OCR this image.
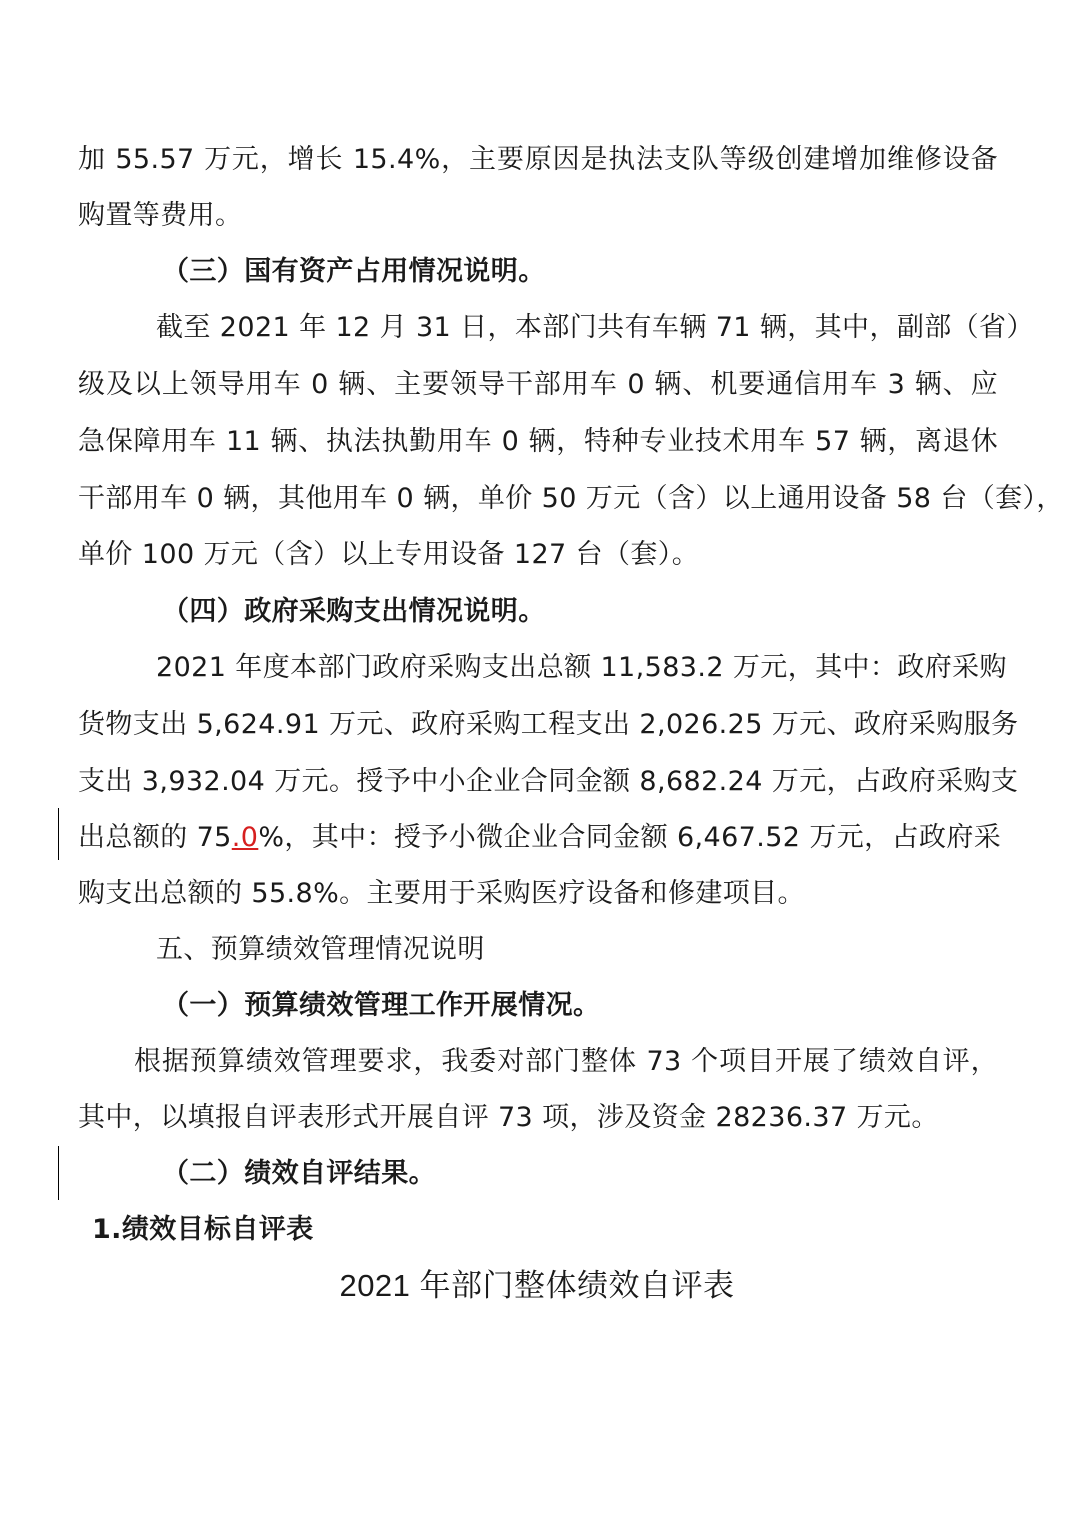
加 55.57 万元，增长 15.4%，主要原因是执法支队等级创建增加维修设备
购置等费用。
（三）国有资产占用情况说明。
截至 2021 年 12 月 31 日，本部门共有车辆 71 辆，其中，副部（省）
级及以上领导用车 0 辆、主要领导干部用车 0 辆、机要通信用车 3 辆、应
急保障用车 11 辆、执法执勤用车 0 辆，特种专业技术用车 57 辆，离退休
干部用车 0 辆，其他用车 0 辆，单价 50 万元（含）以上通用设备 58 台（套），
单价 100 万元（含）以上专用设备 127 台（套）。
（四）政府采购支出情况说明。
2021 年度本部门政府采购支出总额 11,583.2 万元，其中：政府采购
货物支出 5,624.91 万元、政府采购工程支出 2,026.25 万元、政府采购服务
支出 3,932.04 万元。授予中小企业合同金额 8,682.24 万元，占政府采购支
出总额的 75.0%，其中：授予小微企业合同金额 6,467.52 万元，占政府采
购支出总额的 55.8%。主要用于采购医疗设备和修建项目。
五、预算绩效管理情况说明
（一）预算绩效管理工作开展情况。
根据预算绩效管理要求，我委对部门整体 73 个项目开展了绩效自评，
其中，以填报自评表形式开展自评 73 项，涉及资金 28236.37 万元。
（二）绩效自评结果。
1.绩效目标自评表
2021 年部门整体绩效自评表
